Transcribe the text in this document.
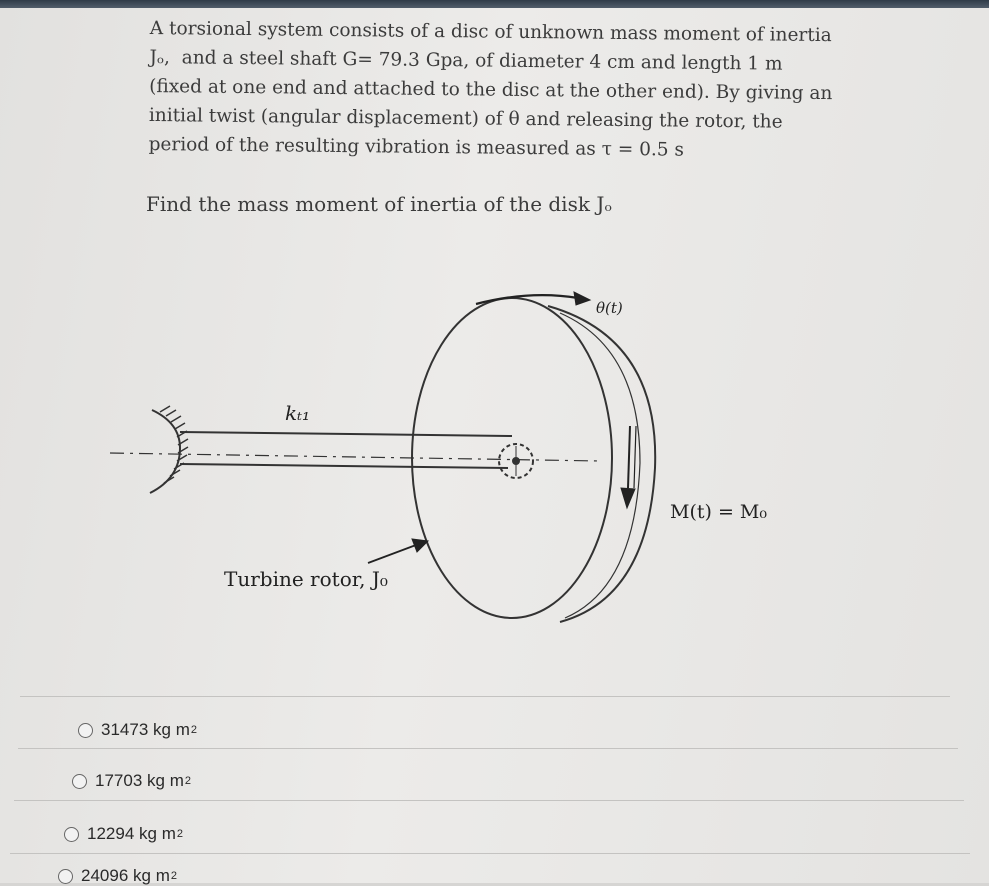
A torsional system consists of a disc of unknown mass moment of inertia

Jₒ,  and a steel shaft G= 79.3 Gpa, of diameter 4 cm and length 1 m

(fixed at one end and attached to the disc at the other end). By giving an

initial twist (angular displacement) of θ and releasing the rotor, the

period of the resulting vibration is measured as τ = 0.5 s

Find the mass moment of inertia of the disk Jₒ
kₜ₁
θ(t)
Turbine rotor, J₀
M(t) = M₀
31473
kg m 2
17703
kg m 2
12294
kg m 2
24096
kg m 2
